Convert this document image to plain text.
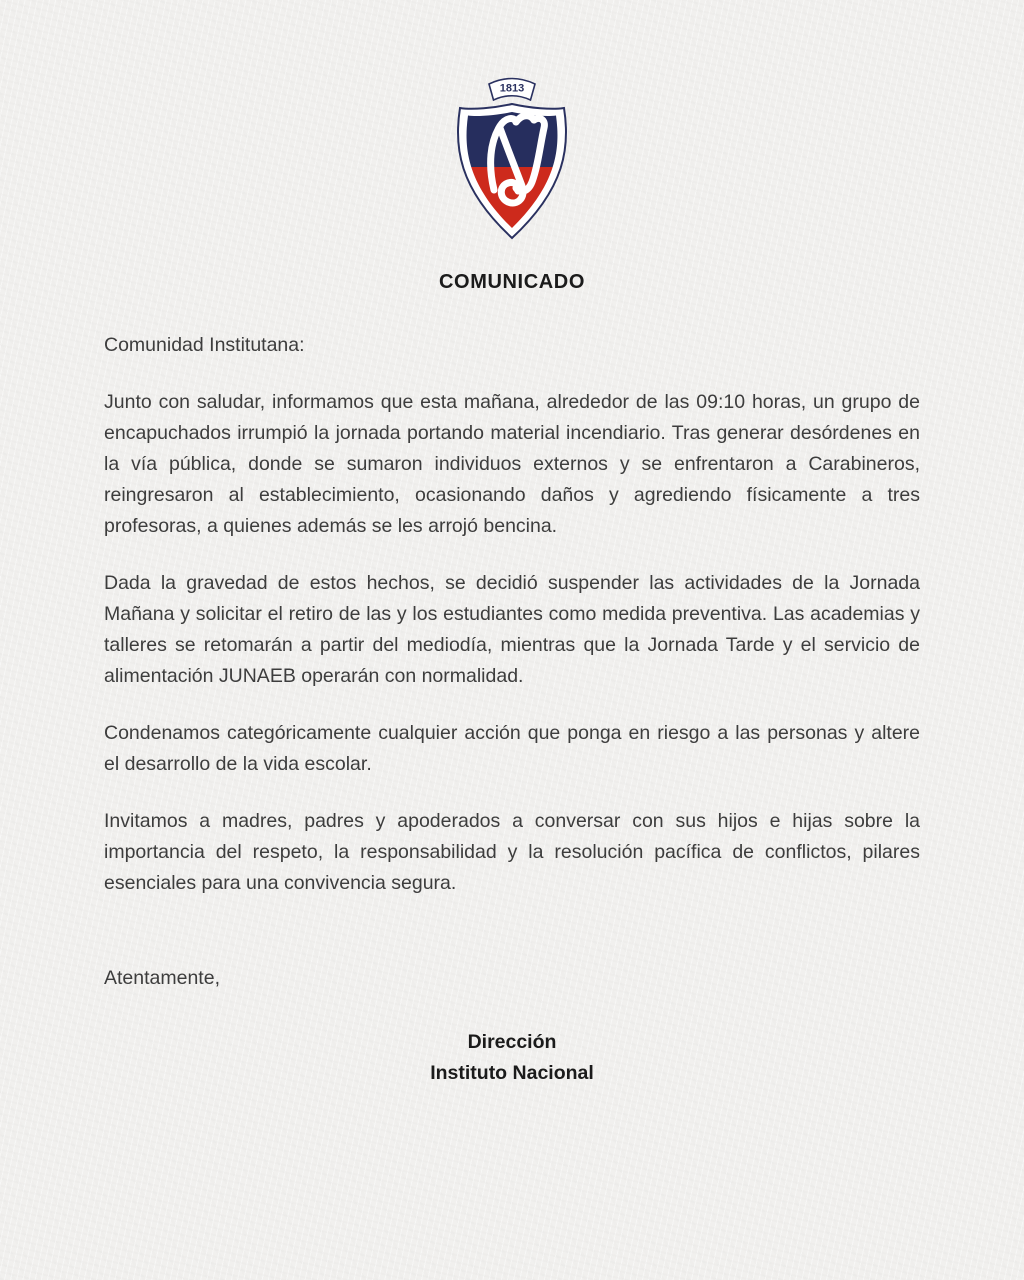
1813
COMUNICADO
Comunidad Institutana:

Junto con saludar, informamos que esta mañana, alrededor de las 09:10 horas, un grupo de encapuchados irrumpió la jornada portando material incendiario. Tras generar desórdenes en la vía pública, donde se sumaron individuos externos y se enfrentaron a Carabineros, reingresaron al establecimiento, ocasionando daños y agrediendo físicamente a tres profesoras, a quienes además se les arrojó bencina.

Dada la gravedad de estos hechos, se decidió suspender las actividades de la Jornada Mañana y solicitar el retiro de las y los estudiantes como medida preventiva. Las academias y talleres se retomarán a partir del mediodía, mientras que la Jornada Tarde y el servicio de alimentación JUNAEB operarán con normalidad.

Condenamos categóricamente cualquier acción que ponga en riesgo a las personas y altere el desarrollo de la vida escolar.

Invitamos a madres, padres y apoderados a conversar con sus hijos e hijas sobre la importancia del respeto, la responsabilidad y la resolución pacífica de conflictos, pilares esenciales para una convivencia segura.

Atentamente,
Dirección
Instituto Nacional
